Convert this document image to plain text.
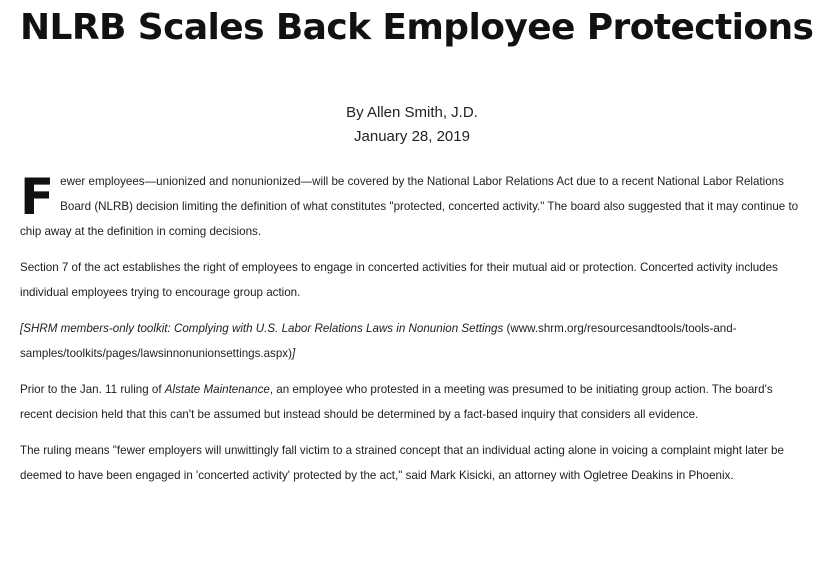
NLRB Scales Back Employee Protections
By Allen Smith, J.D.
January 28, 2019

Fewer employees—unionized and nonunionized—will be covered by the National Labor Relations Act due to a recent National Labor Relations Board (NLRB) decision limiting the definition of what constitutes "protected, concerted activity." The board also suggested that it may continue to chip away at the definition in coming decisions.

Section 7 of the act establishes the right of employees to engage in concerted activities for their mutual aid or protection. Concerted activity includes individual employees trying to encourage group action.

[SHRM members-only toolkit: Complying with U.S. Labor Relations Laws in Nonunion Settings (www.shrm.org/resourcesandtools/tools-and-samples/toolkits/pages/lawsinnonunionsettings.aspx)]

Prior to the Jan. 11 ruling of Alstate Maintenance, an employee who protested in a meeting was presumed to be initiating group action. The board's recent decision held that this can't be assumed but instead should be determined by a fact-based inquiry that considers all evidence.

The ruling means "fewer employers will unwittingly fall victim to a strained concept that an individual acting alone in voicing a complaint might later be deemed to have been engaged in 'concerted activity' protected by the act," said Mark Kisicki, an attorney with Ogletree Deakins in Phoenix.
